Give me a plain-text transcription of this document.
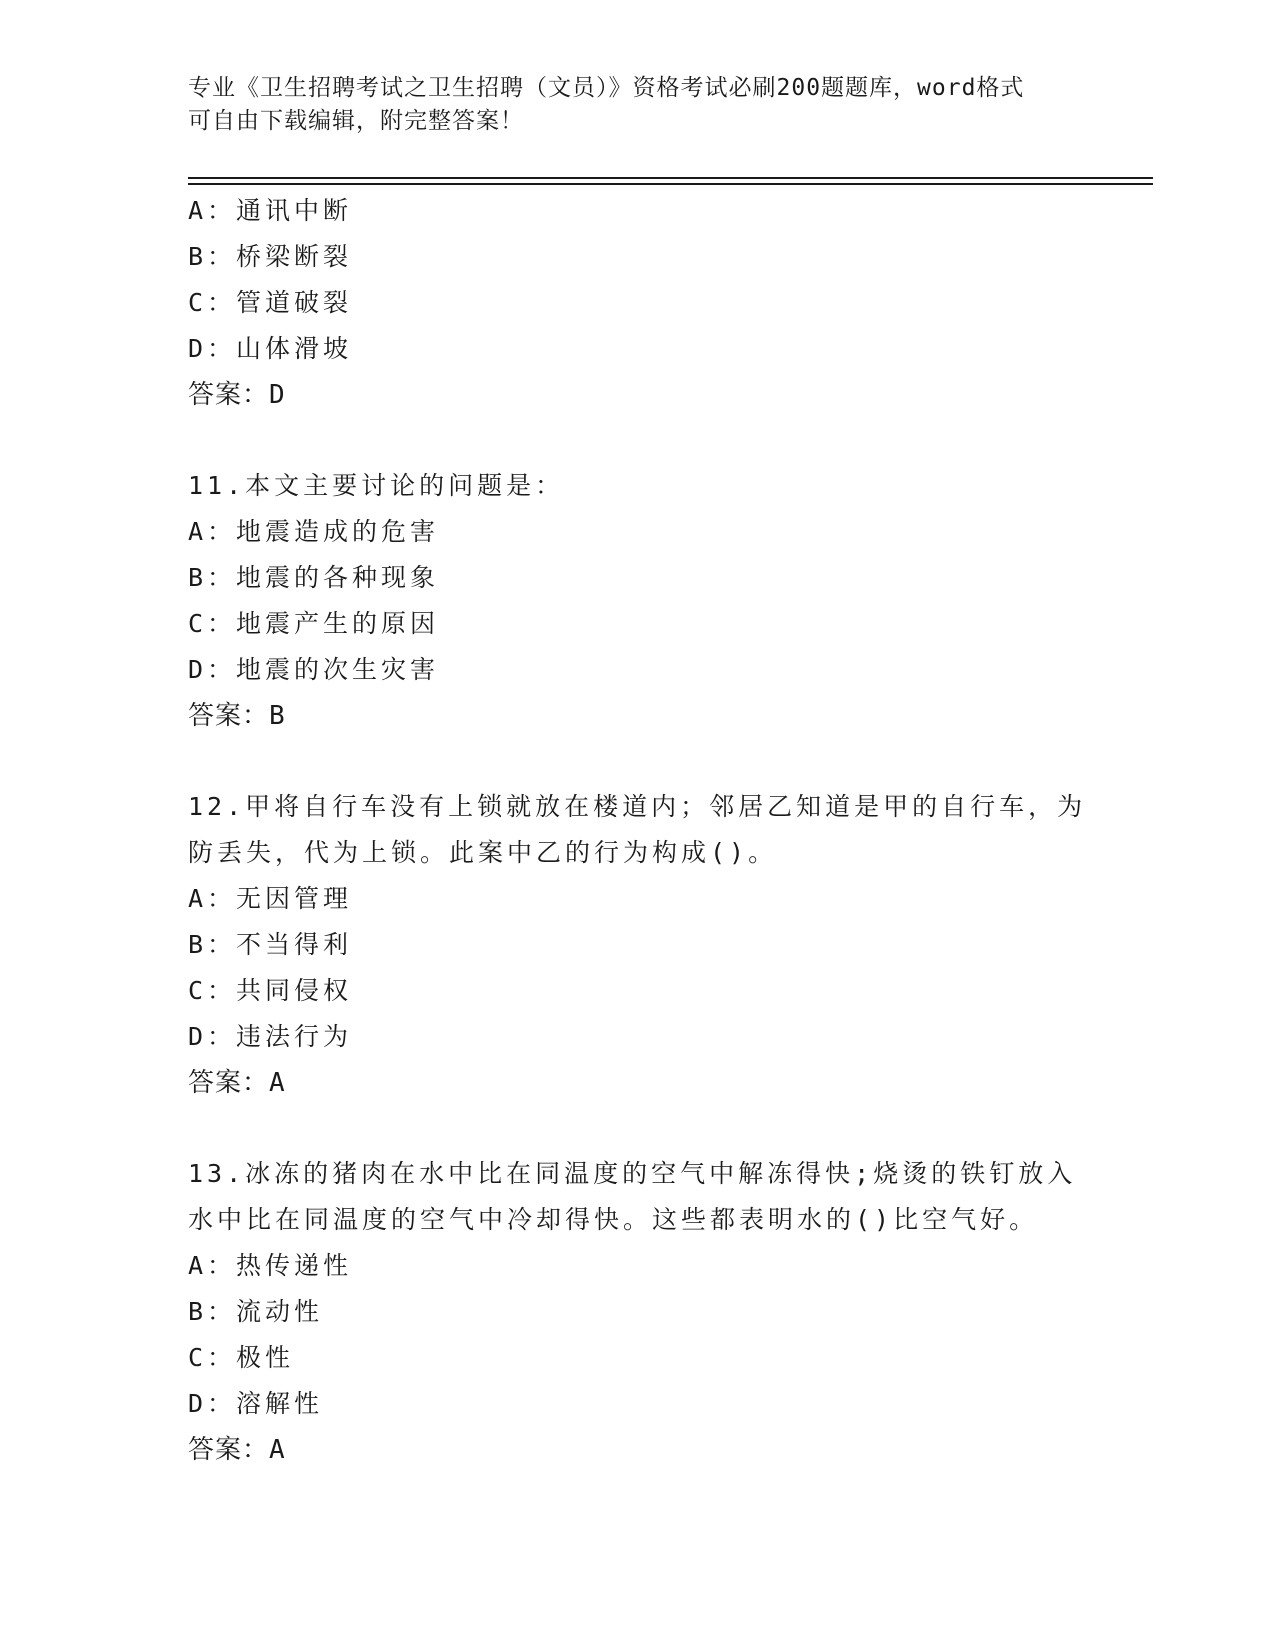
专业《卫生招聘考试之卫生招聘（文员）》资格考试必刷200题题库，word格式
可自由下载编辑，附完整答案！
A：通讯中断
B：桥梁断裂
C：管道破裂
D：山体滑坡
答案：D
11.本文主要讨论的问题是：
A：地震造成的危害
B：地震的各种现象
C：地震产生的原因
D：地震的次生灾害
答案：B
12.甲将自行车没有上锁就放在楼道内；邻居乙知道是甲的自行车，为防丢失，代为上锁。此案中乙的行为构成()。
A：无因管理
B：不当得利
C：共同侵权
D：违法行为
答案：A
13.冰冻的猪肉在水中比在同温度的空气中解冻得快;烧烫的铁钉放入水中比在同温度的空气中冷却得快。这些都表明水的()比空气好。
A：热传递性
B：流动性
C：极性
D：溶解性
答案：A
